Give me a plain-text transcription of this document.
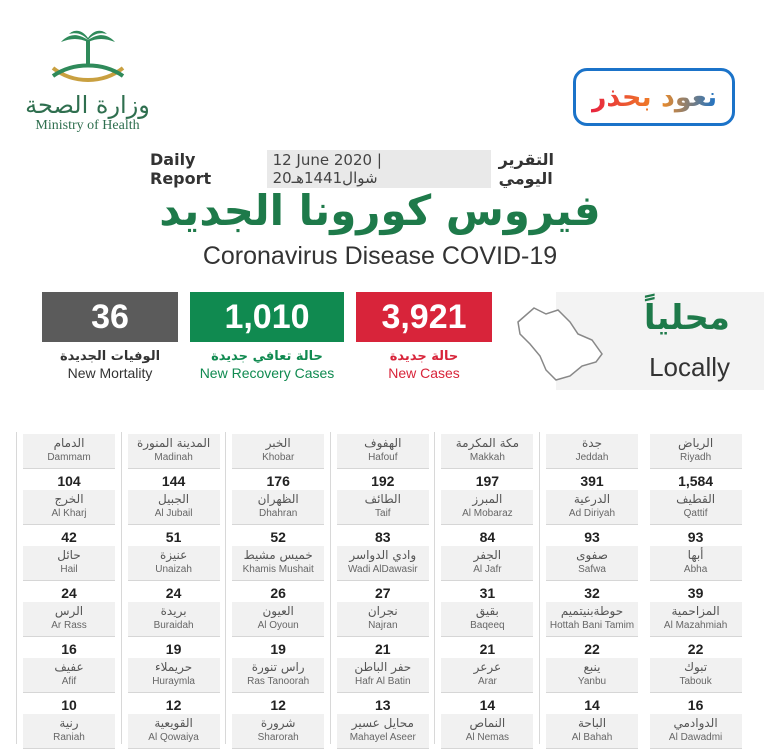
وزارة الصحة
Ministry of Health
نعود بحذر
Daily Report
12 June 2020 | 20شوال1441هـ
التقرير اليومي
فيروس كورونا الجديد
Coronavirus Disease COVID-19
36
الوفيات الجديدة
New Mortality
1,010
حالة تعافي جديدة
New Recovery Cases
3,921
حالة جديدة
New Cases
محلياً
Locally
الرياض
Riyadh
1,584
القطيف
Qattif
93
أبها
Abha
39
المزاحمية
Al Mazahmiah
22
تبوك
Tabouk
16
الدوادمي
Al Dawadmi
جدة
Jeddah
391
الدرعية
Ad Diriyah
93
صفوى
Safwa
32
حوطةبنيتميم
Hottah Bani Tamim
22
ينبع
Yanbu
14
الباحة
Al Bahah
مكة المكرمة
Makkah
197
المبرز
Al Mobaraz
84
الجفر
Al Jafr
31
بقيق
Baqeeq
21
عرعر
Arar
14
النماص
Al Nemas
الهفوف
Hafouf
192
الطائف
Taif
83
وادي الدواسر
Wadi AlDawasir
27
نجران
Najran
21
حفر الباطن
Hafr Al Batin
13
محايل عسير
Mahayel Aseer
الخبر
Khobar
176
الظهران
Dhahran
52
خميس مشيط
Khamis Mushait
26
العيون
Al Oyoun
19
راس تنورة
Ras Tanoorah
12
شرورة
Sharorah
المدينة المنورة
Madinah
144
الجبيل
Al Jubail
51
عنيزة
Unaizah
24
بريدة
Buraidah
19
حريملاء
Huraymla
12
القويعية
Al Qowaiya
الدمام
Dammam
104
الخرج
Al Kharj
42
حائل
Hail
24
الرس
Ar Rass
16
عفيف
Afif
10
رنية
Raniah
